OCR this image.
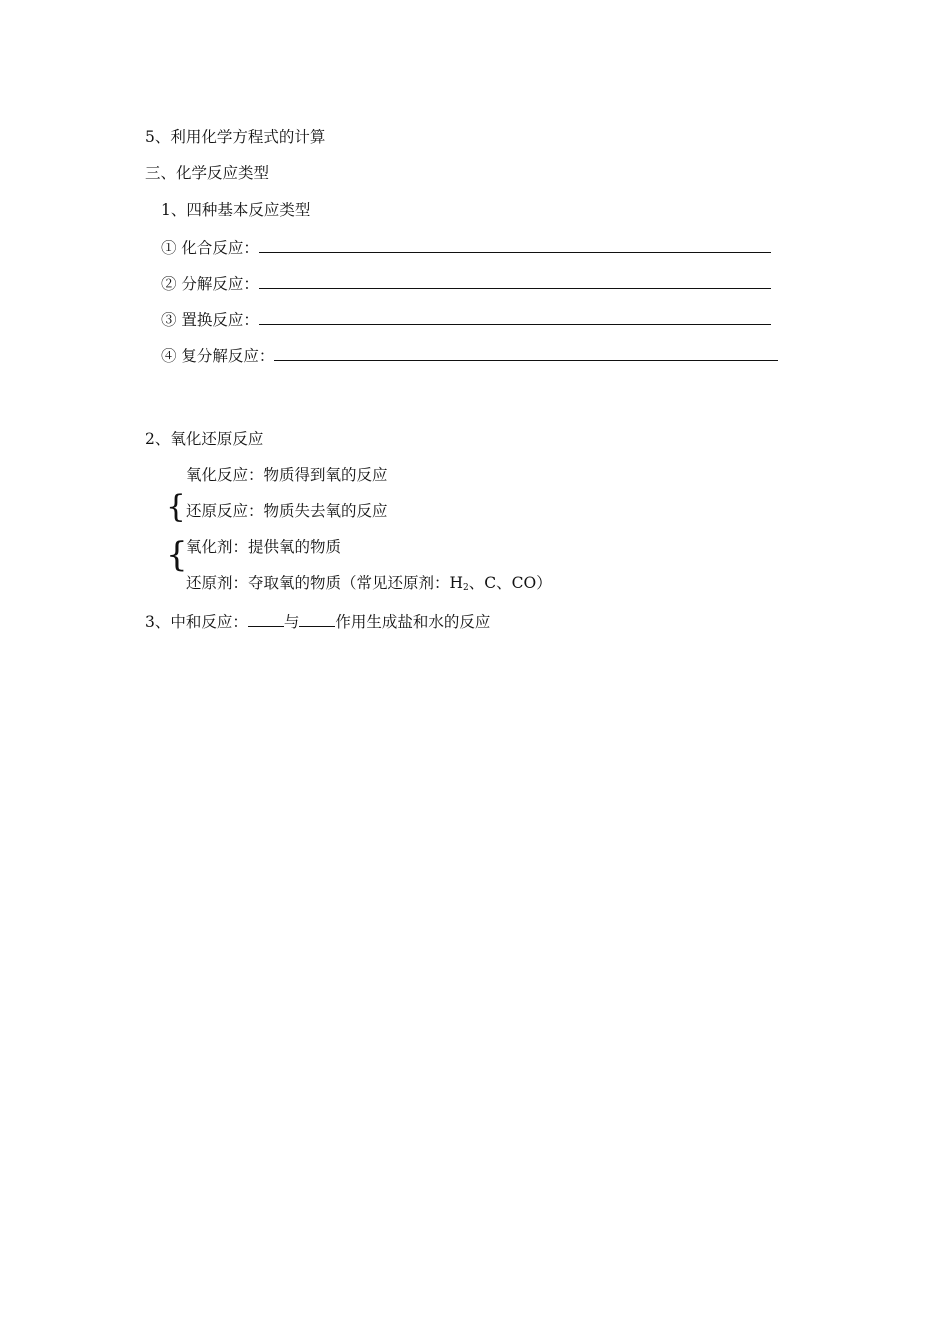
5、利用化学方程式的计算
三、化学反应类型
1、四种基本反应类型
① 化合反应：
② 分解反应：
③ 置换反应：
④ 复分解反应：
2、氧化还原反应
氧化反应：物质得到氧的反应
{ 还原反应：物质失去氧的反应
{
氧化剂：提供氧的物质
还原剂：夺取氧的物质（常见还原剂：$H_2$、C、CO）
3、中和反应： 与 作用生成盐和水的反应
